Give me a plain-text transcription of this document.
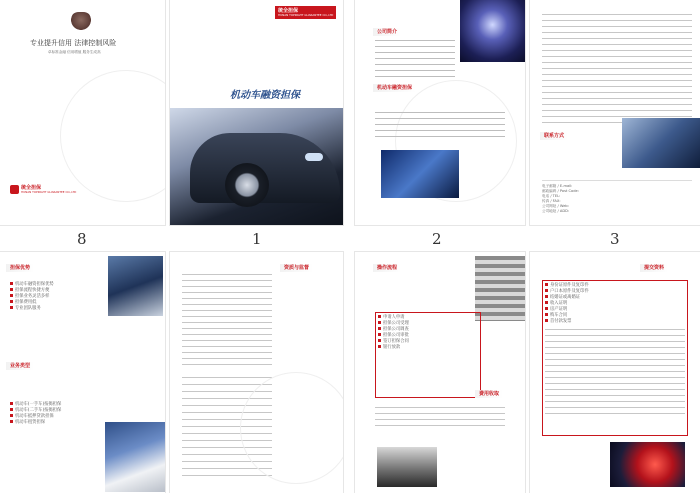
专业提升信用 法律控制风险
卓标准金融 信用增值 服务生成高
统全担保
HUNAN TOPRIGHT GUARANTEE CO.,LTD
统全担保
HUNAN TOPRIGHT GUARANTEE CO.,LTD
机动车融资担保
公司简介
机动车融资担保
联系方式
电子邮箱 / E-mail:
邮政编码 / Post Code:
电话 / TEL:
传真 / FAX:
公司网址 / Web:
公司地址 / ADD:
8	1	2	3
担保优势
机动车融资担保优势
担保流程快捷方便
担保业务灵活多样
担保费用低
专业团队服务
业务类型
机动车(一手车)按揭担保
机动车(二手车)按揭担保
机动车抵押贷款担保
机动车租赁担保
资质与监督	操作流程
申请人申请
担保公司受理
担保公司调查
担保公司审批
签订担保合同
银行放款
费用收取
提交资料
身份证原件及复印件
户口本原件及复印件
结婚证或离婚证
收入证明
房产证明
购车合同
首付款发票
